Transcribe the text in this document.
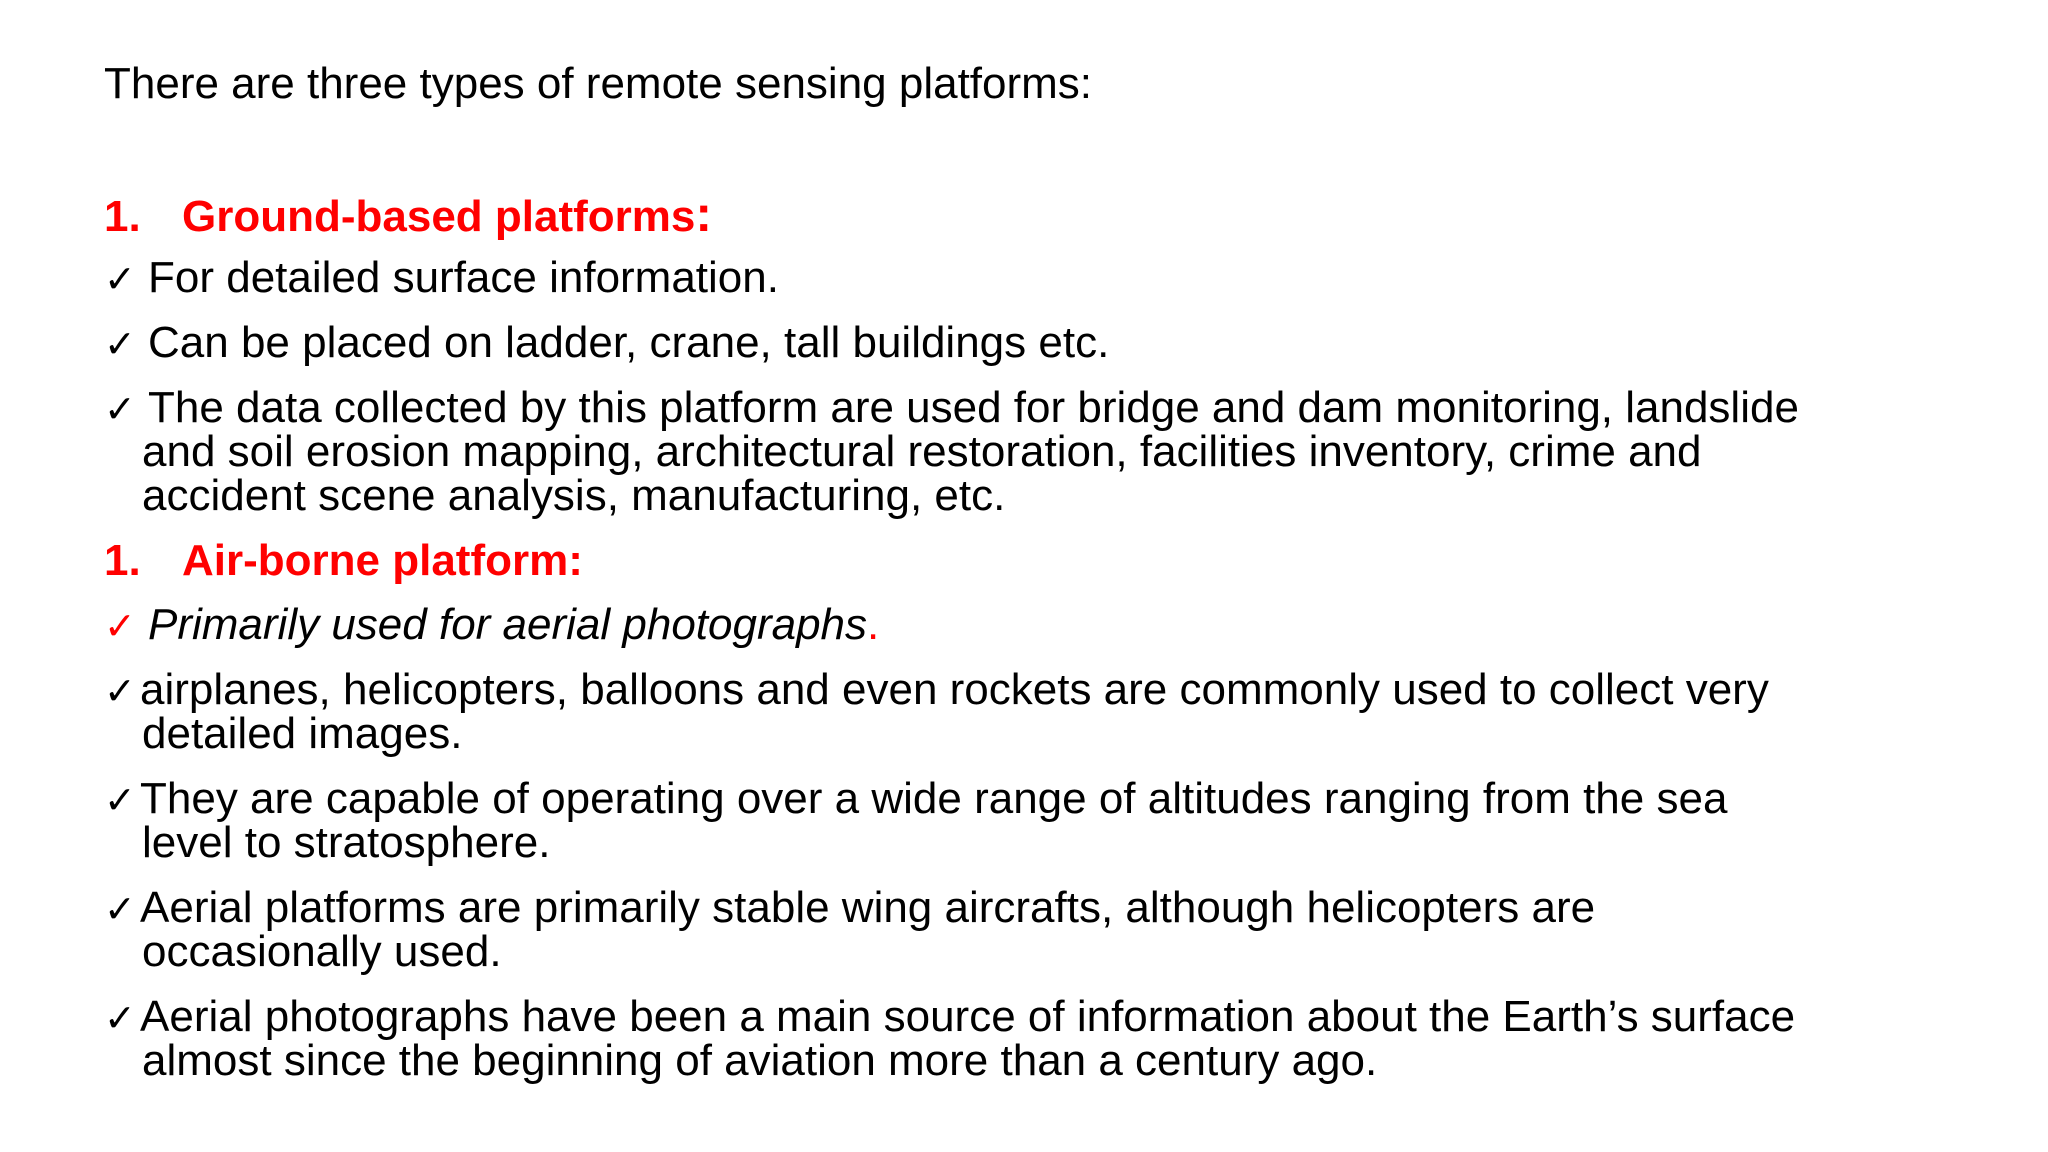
There are three types of remote sensing platforms:
1. Ground-based platforms:
✓ For detailed surface information.
✓ Can be placed on ladder, crane, tall buildings etc.
✓ The data collected by this platform are used for bridge and dam monitoring, landslide
and soil erosion mapping, architectural restoration, facilities inventory, crime and
accident scene analysis, manufacturing, etc.
1. Air-borne platform:
✓ Primarily used for aerial photographs.
✓airplanes, helicopters, balloons and even rockets are commonly used to collect very
detailed images.
✓They are capable of operating over a wide range of altitudes ranging from the sea
level to stratosphere.
✓Aerial platforms are primarily stable wing aircrafts, although helicopters are
occasionally used.
✓Aerial photographs have been a main source of information about the Earth’s surface
almost since the beginning of aviation more than a century ago.
